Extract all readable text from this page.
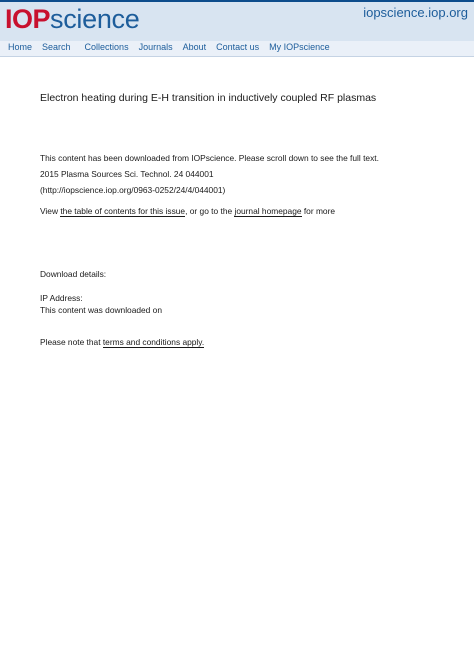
IOP science	iopscience.iop.org
Home Search Collections Journals About Contact us My IOPscience
Electron heating during E-H transition in inductively coupled RF plasmas
This content has been downloaded from IOPscience. Please scroll down to see the full text.
2015 Plasma Sources Sci. Technol. 24 044001
(http://iopscience.iop.org/0963-0252/24/4/044001)
View the table of contents for this issue, or go to the journal homepage for more
Download details:
IP Address:
This content was downloaded on
Please note that terms and conditions apply.
